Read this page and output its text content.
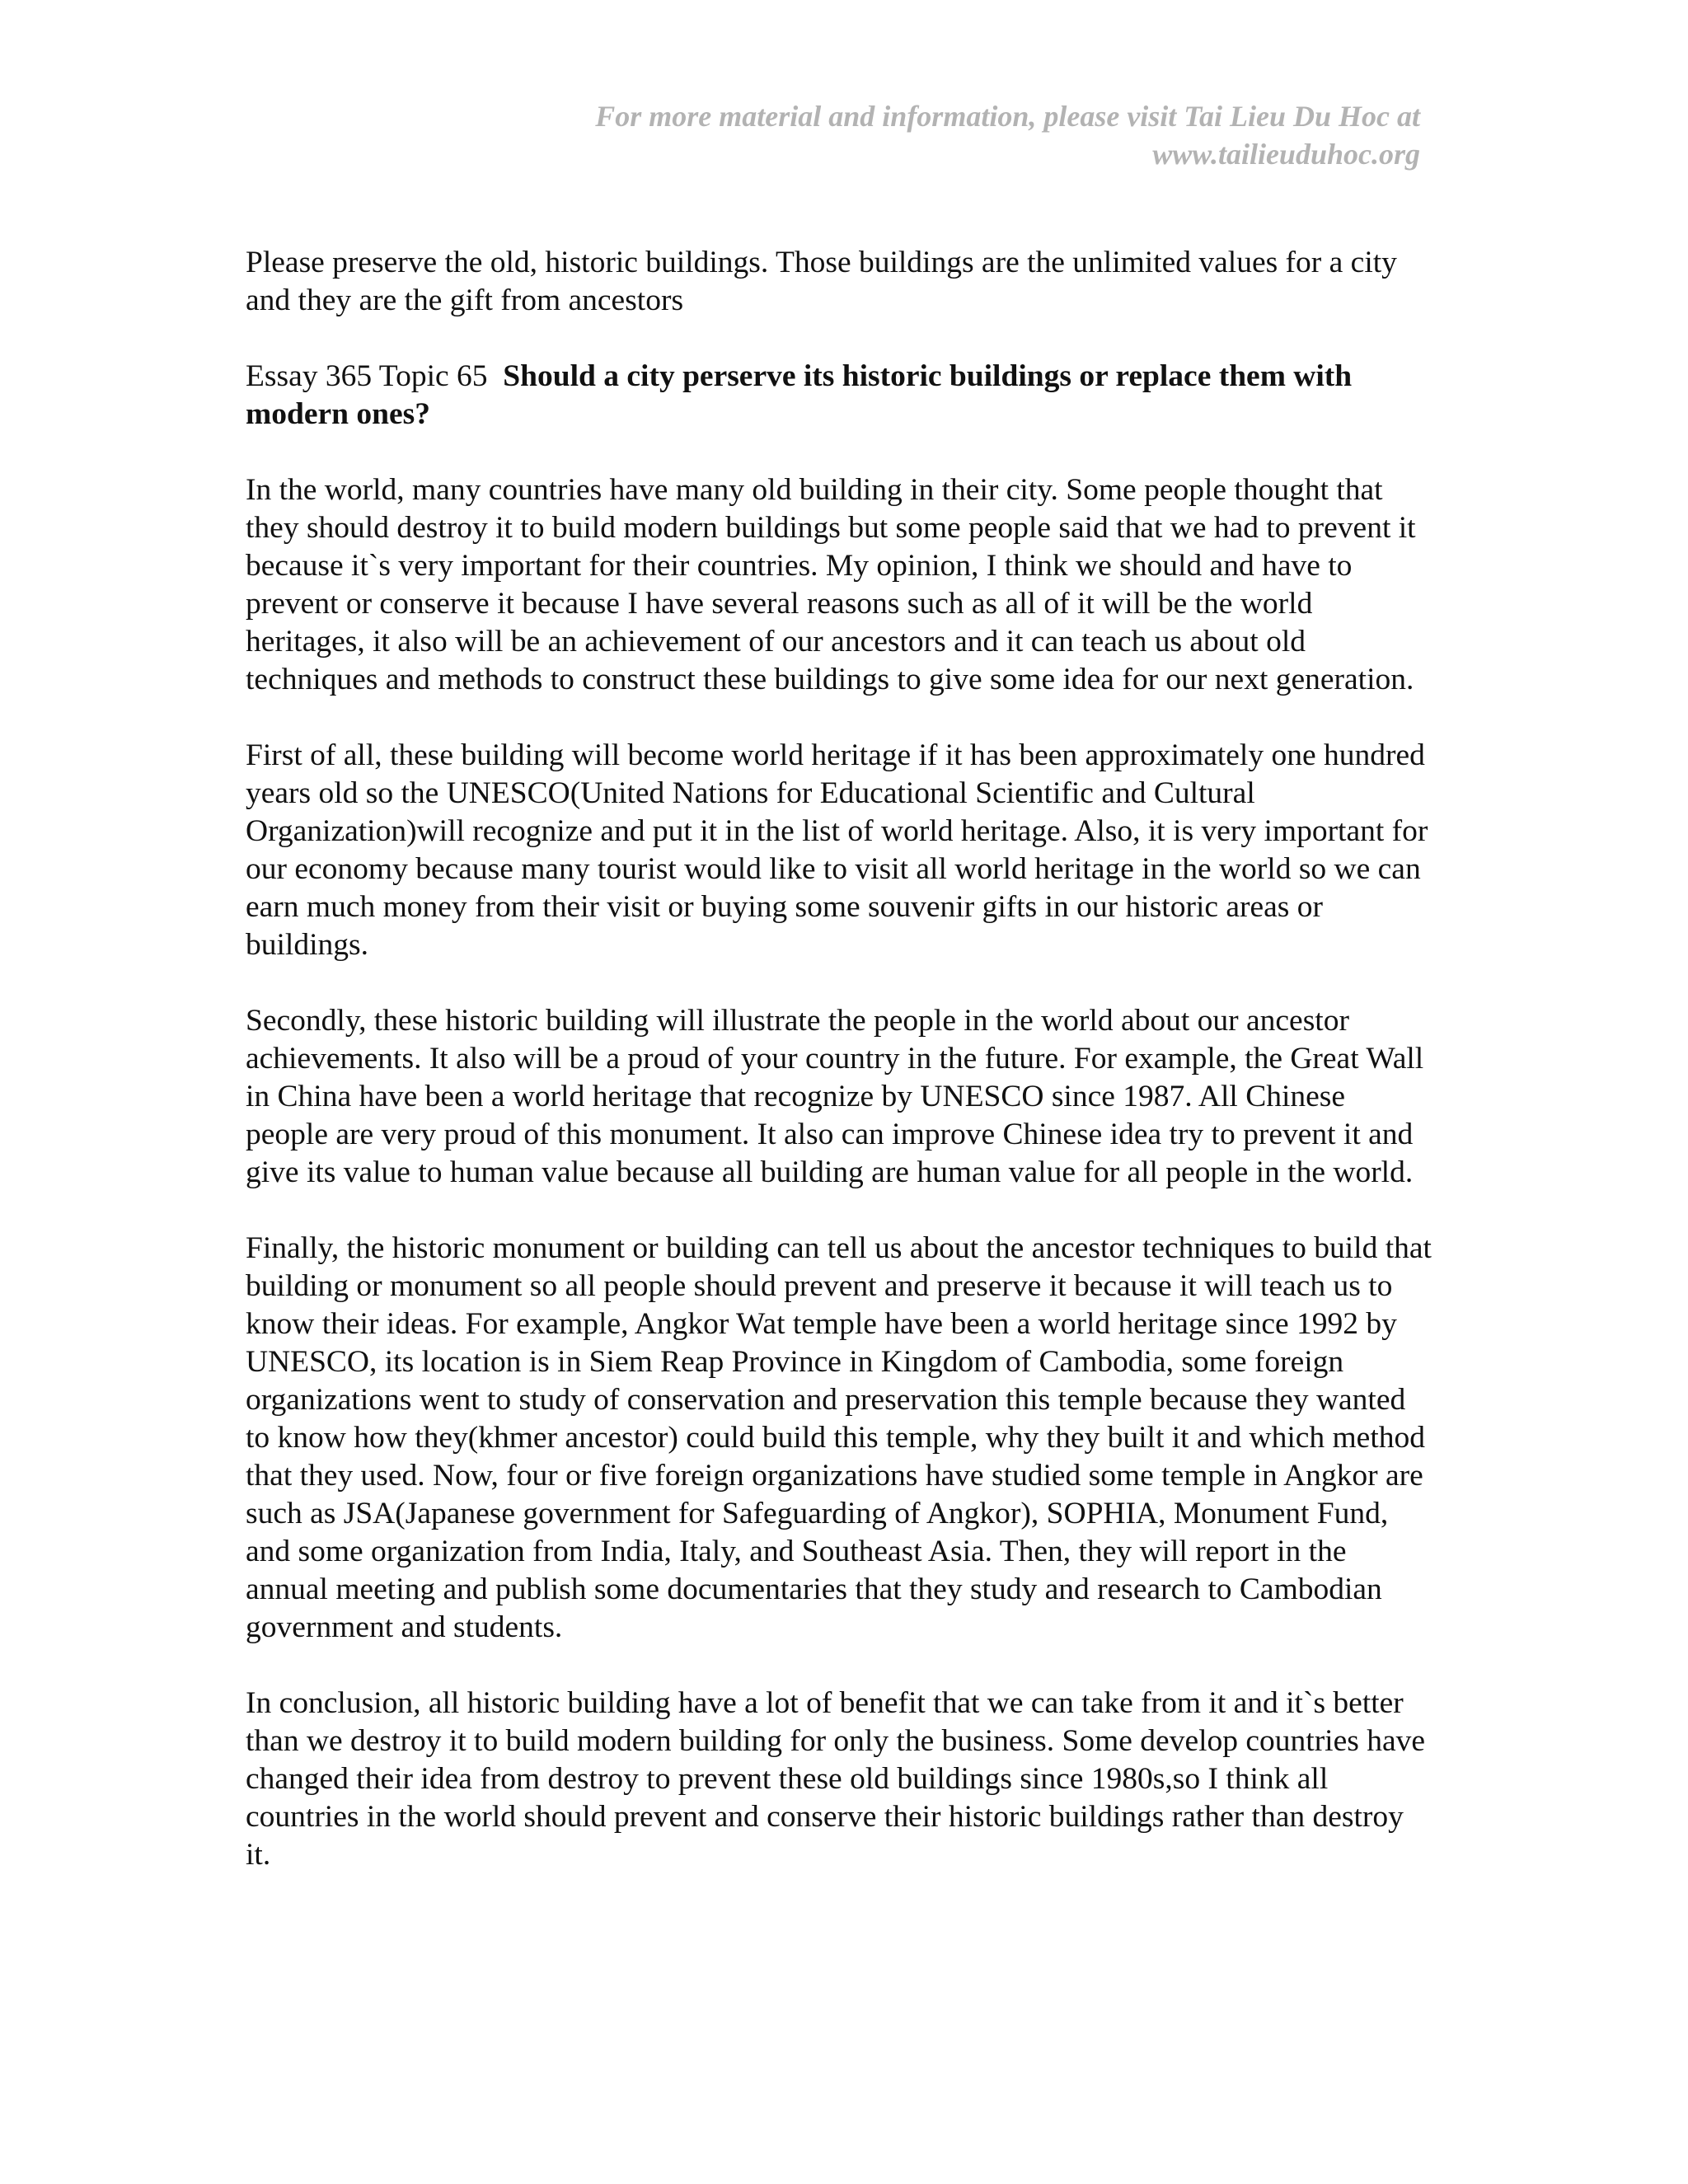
For more material and information, please visit Tai Lieu Du Hoc at
www.tailieuduhoc.org

Please preserve the old, historic buildings. Those buildings are the unlimited values for a city and they are the gift from ancestors

Essay 365 Topic 65 Should a city perserve its historic buildings or replace them with modern ones?

In the world, many countries have many old building in their city. Some people thought that they should destroy it to build modern buildings but some people said that we had to prevent it because it`s very important for their countries. My opinion, I think we should and have to prevent or conserve it because I have several reasons such as all of it will be the world heritages, it also will be an achievement of our ancestors and it can teach us about old techniques and methods to construct these buildings to give some idea for our next generation.

First of all, these building will become world heritage if it has been approximately one hundred years old so the UNESCO(United Nations for Educational Scientific and Cultural Organization)will recognize and put it in the list of world heritage. Also, it is very important for our economy because many tourist would like to visit all world heritage in the world so we can earn much money from their visit or buying some souvenir gifts in our historic areas or buildings.

Secondly, these historic building will illustrate the people in the world about our ancestor achievements. It also will be a proud of your country in the future. For example, the Great Wall in China have been a world heritage that recognize by UNESCO since 1987. All Chinese people are very proud of this monument. It also can improve Chinese idea try to prevent it and give its value to human value because all building are human value for all people in the world.

Finally, the historic monument or building can tell us about the ancestor techniques to build that building or monument so all people should prevent and preserve it because it will teach us to know their ideas. For example, Angkor Wat temple have been a world heritage since 1992 by UNESCO, its location is in Siem Reap Province in Kingdom of Cambodia, some foreign organizations went to study of conservation and preservation this temple because they wanted to know how they(khmer ancestor) could build this temple, why they built it and which method that they used. Now, four or five foreign organizations have studied some temple in Angkor are such as JSA(Japanese government for Safeguarding of Angkor), SOPHIA, Monument Fund, and some organization from India, Italy, and Southeast Asia. Then, they will report in the annual meeting and publish some documentaries that they study and research to Cambodian government and students.

In conclusion, all historic building have a lot of benefit that we can take from it and it`s better than we destroy it to build modern building for only the business. Some develop countries have changed their idea from destroy to prevent these old buildings since 1980s,so I think all countries in the world should prevent and conserve their historic buildings rather than destroy it.
